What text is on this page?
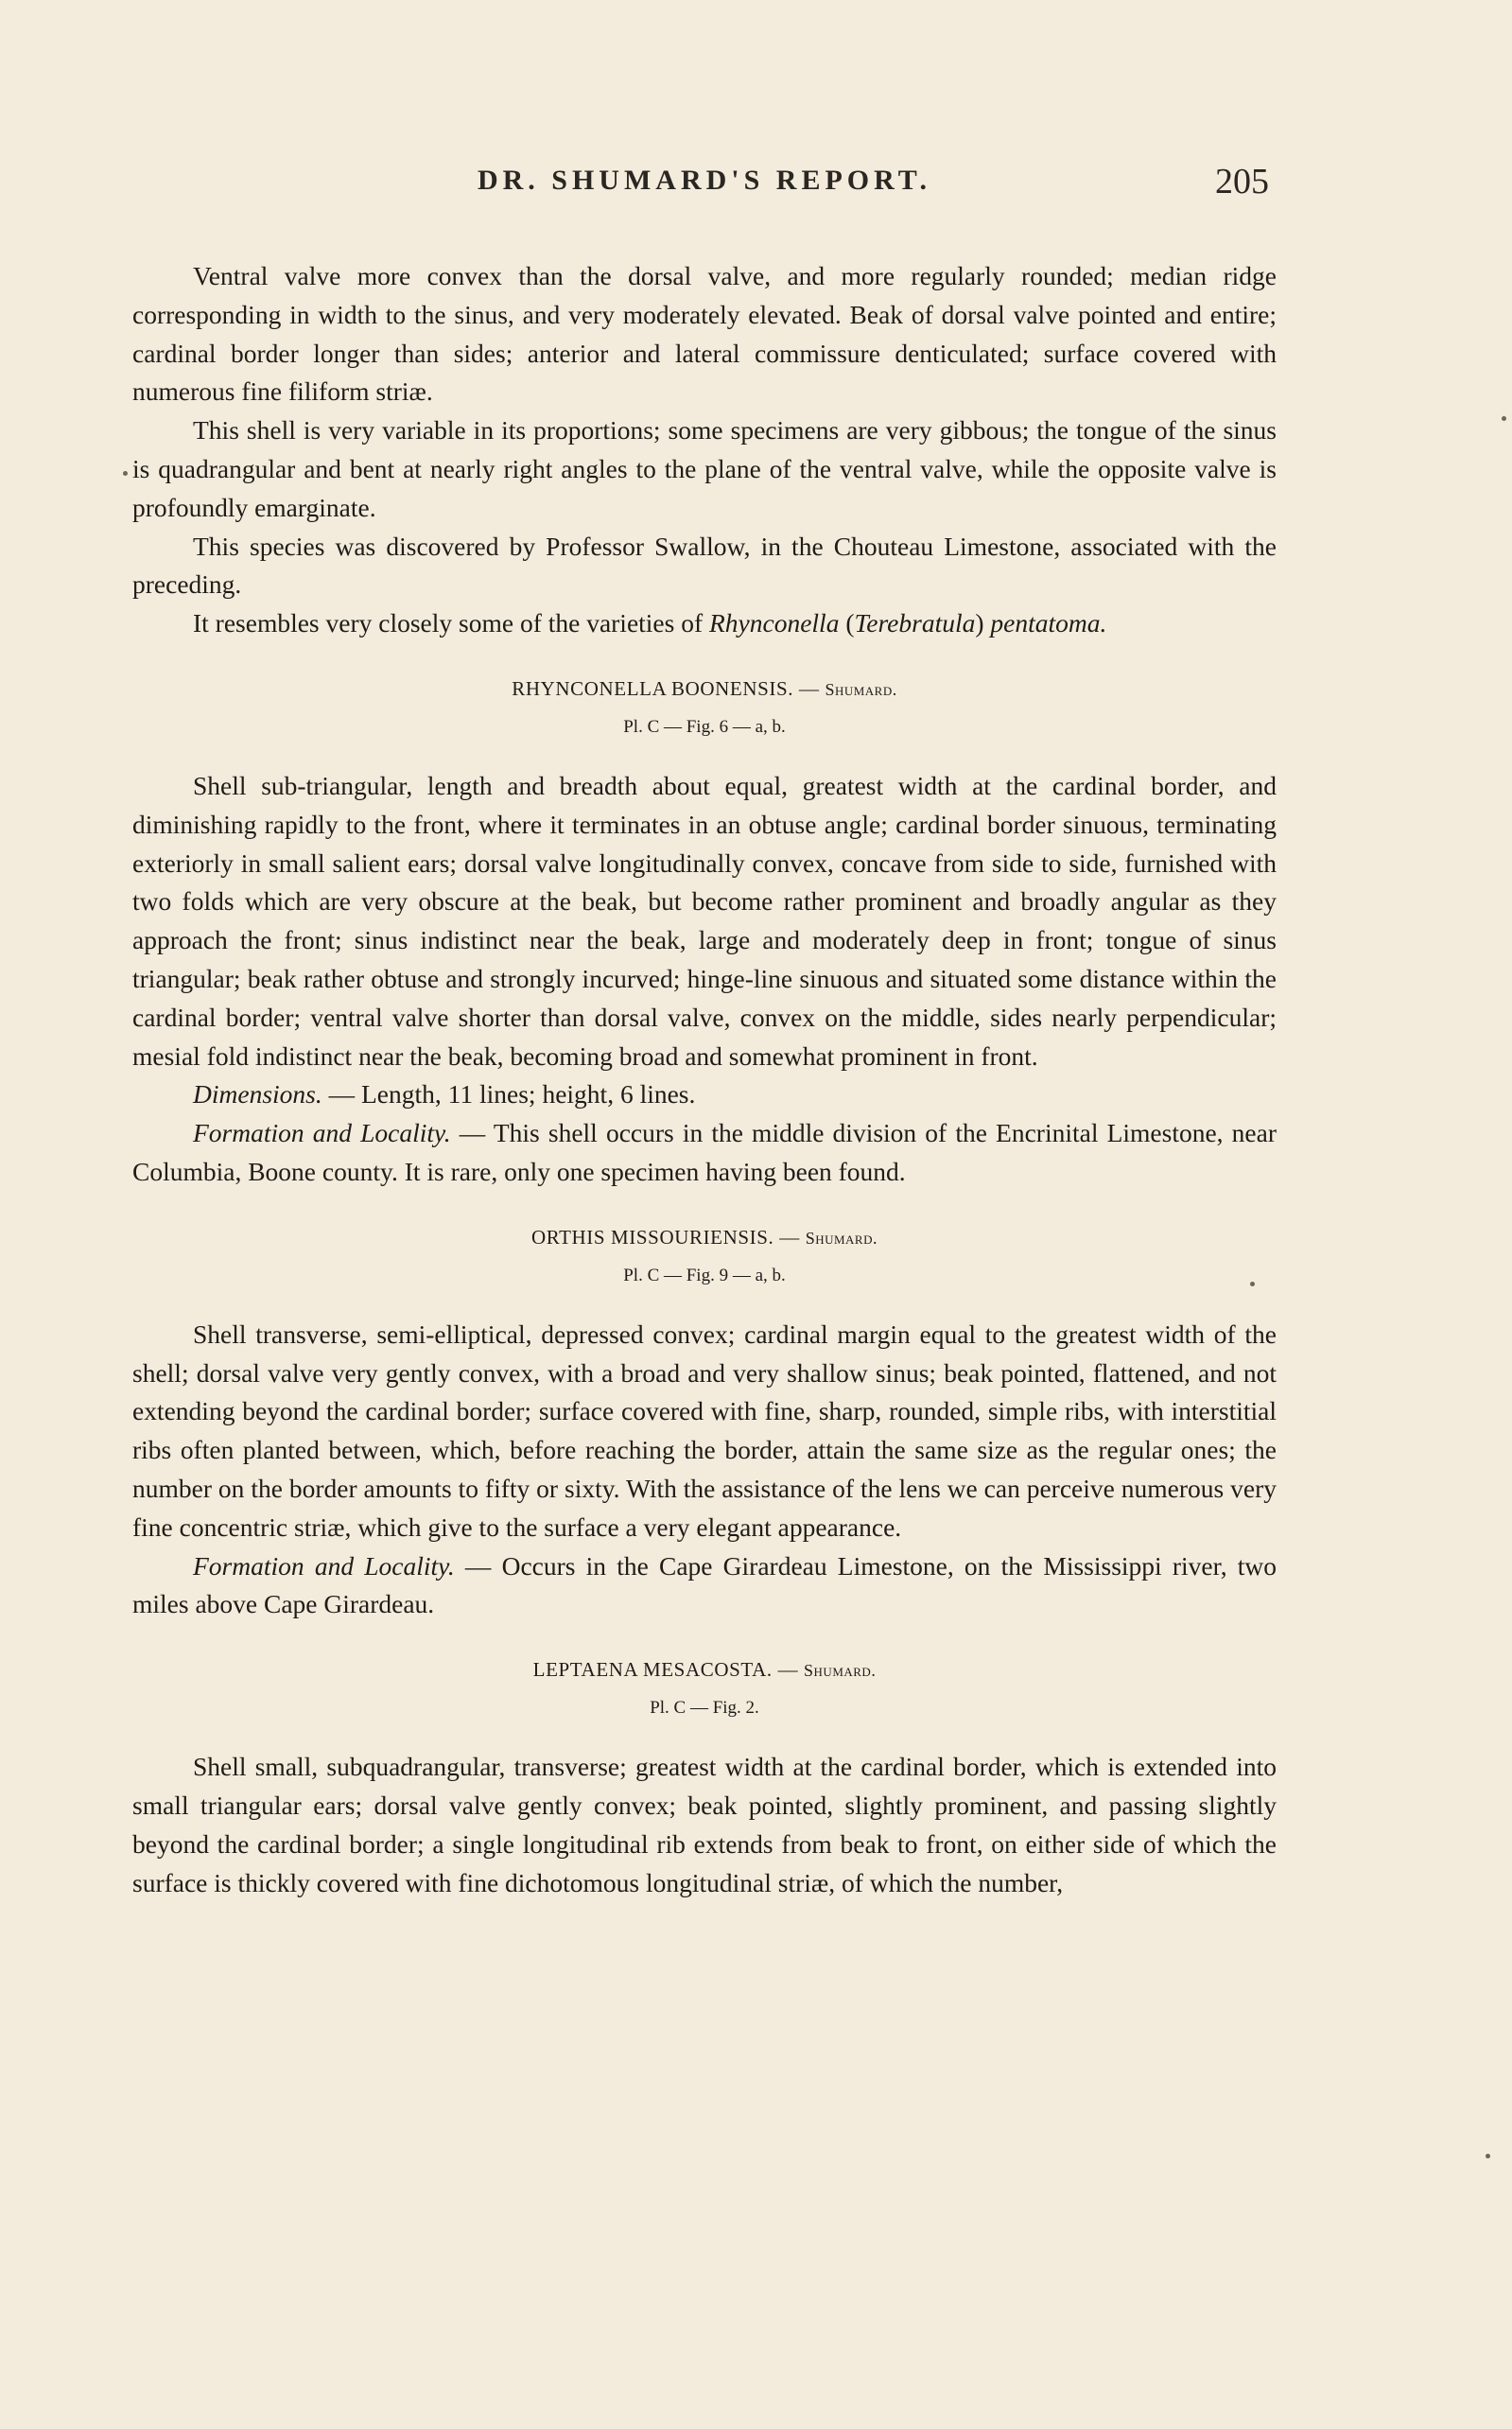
DR. SHUMARD'S REPORT.	205

Ventral valve more convex than the dorsal valve, and more regularly rounded; median ridge corresponding in width to the sinus, and very moderately elevated. Beak of dorsal valve pointed and entire; cardinal border longer than sides; anterior and lateral commissure denticulated; surface covered with numerous fine filiform striæ.

This shell is very variable in its proportions; some specimens are very gibbous; the tongue of the sinus is quadrangular and bent at nearly right angles to the plane of the ventral valve, while the opposite valve is profoundly emarginate.

This species was discovered by Professor Swallow, in the Chouteau Limestone, associated with the preceding.

It resembles very closely some of the varieties of Rhynconella (Terebratula) pentatoma.

RHYNCONELLA BOONENSIS. — Shumard.

Pl. C — Fig. 6 — a, b.

Shell sub-triangular, length and breadth about equal, greatest width at the cardinal border, and diminishing rapidly to the front, where it terminates in an obtuse angle; cardinal border sinuous, terminating exteriorly in small salient ears; dorsal valve longitudinally convex, concave from side to side, furnished with two folds which are very obscure at the beak, but become rather prominent and broadly angular as they approach the front; sinus indistinct near the beak, large and moderately deep in front; tongue of sinus triangular; beak rather obtuse and strongly incurved; hinge-line sinuous and situated some distance within the cardinal border; ventral valve shorter than dorsal valve, convex on the middle, sides nearly perpendicular; mesial fold indistinct near the beak, becoming broad and somewhat prominent in front.

Dimensions. — Length, 11 lines; height, 6 lines.

Formation and Locality. — This shell occurs in the middle division of the Encrinital Limestone, near Columbia, Boone county. It is rare, only one specimen having been found.

ORTHIS MISSOURIENSIS. — Shumard.

Pl. C — Fig. 9 — a, b.

Shell transverse, semi-elliptical, depressed convex; cardinal margin equal to the greatest width of the shell; dorsal valve very gently convex, with a broad and very shallow sinus; beak pointed, flattened, and not extending beyond the cardinal border; surface covered with fine, sharp, rounded, simple ribs, with interstitial ribs often planted between, which, before reaching the border, attain the same size as the regular ones; the number on the border amounts to fifty or sixty. With the assistance of the lens we can perceive numerous very fine concentric striæ, which give to the surface a very elegant appearance.

Formation and Locality. — Occurs in the Cape Girardeau Limestone, on the Mississippi river, two miles above Cape Girardeau.

LEPTAENA MESACOSTA. — Shumard.

Pl. C — Fig. 2.

Shell small, subquadrangular, transverse; greatest width at the cardinal border, which is extended into small triangular ears; dorsal valve gently convex; beak pointed, slightly prominent, and passing slightly beyond the cardinal border; a single longitudinal rib extends from beak to front, on either side of which the surface is thickly covered with fine dichotomous longitudinal striæ, of which the number,
